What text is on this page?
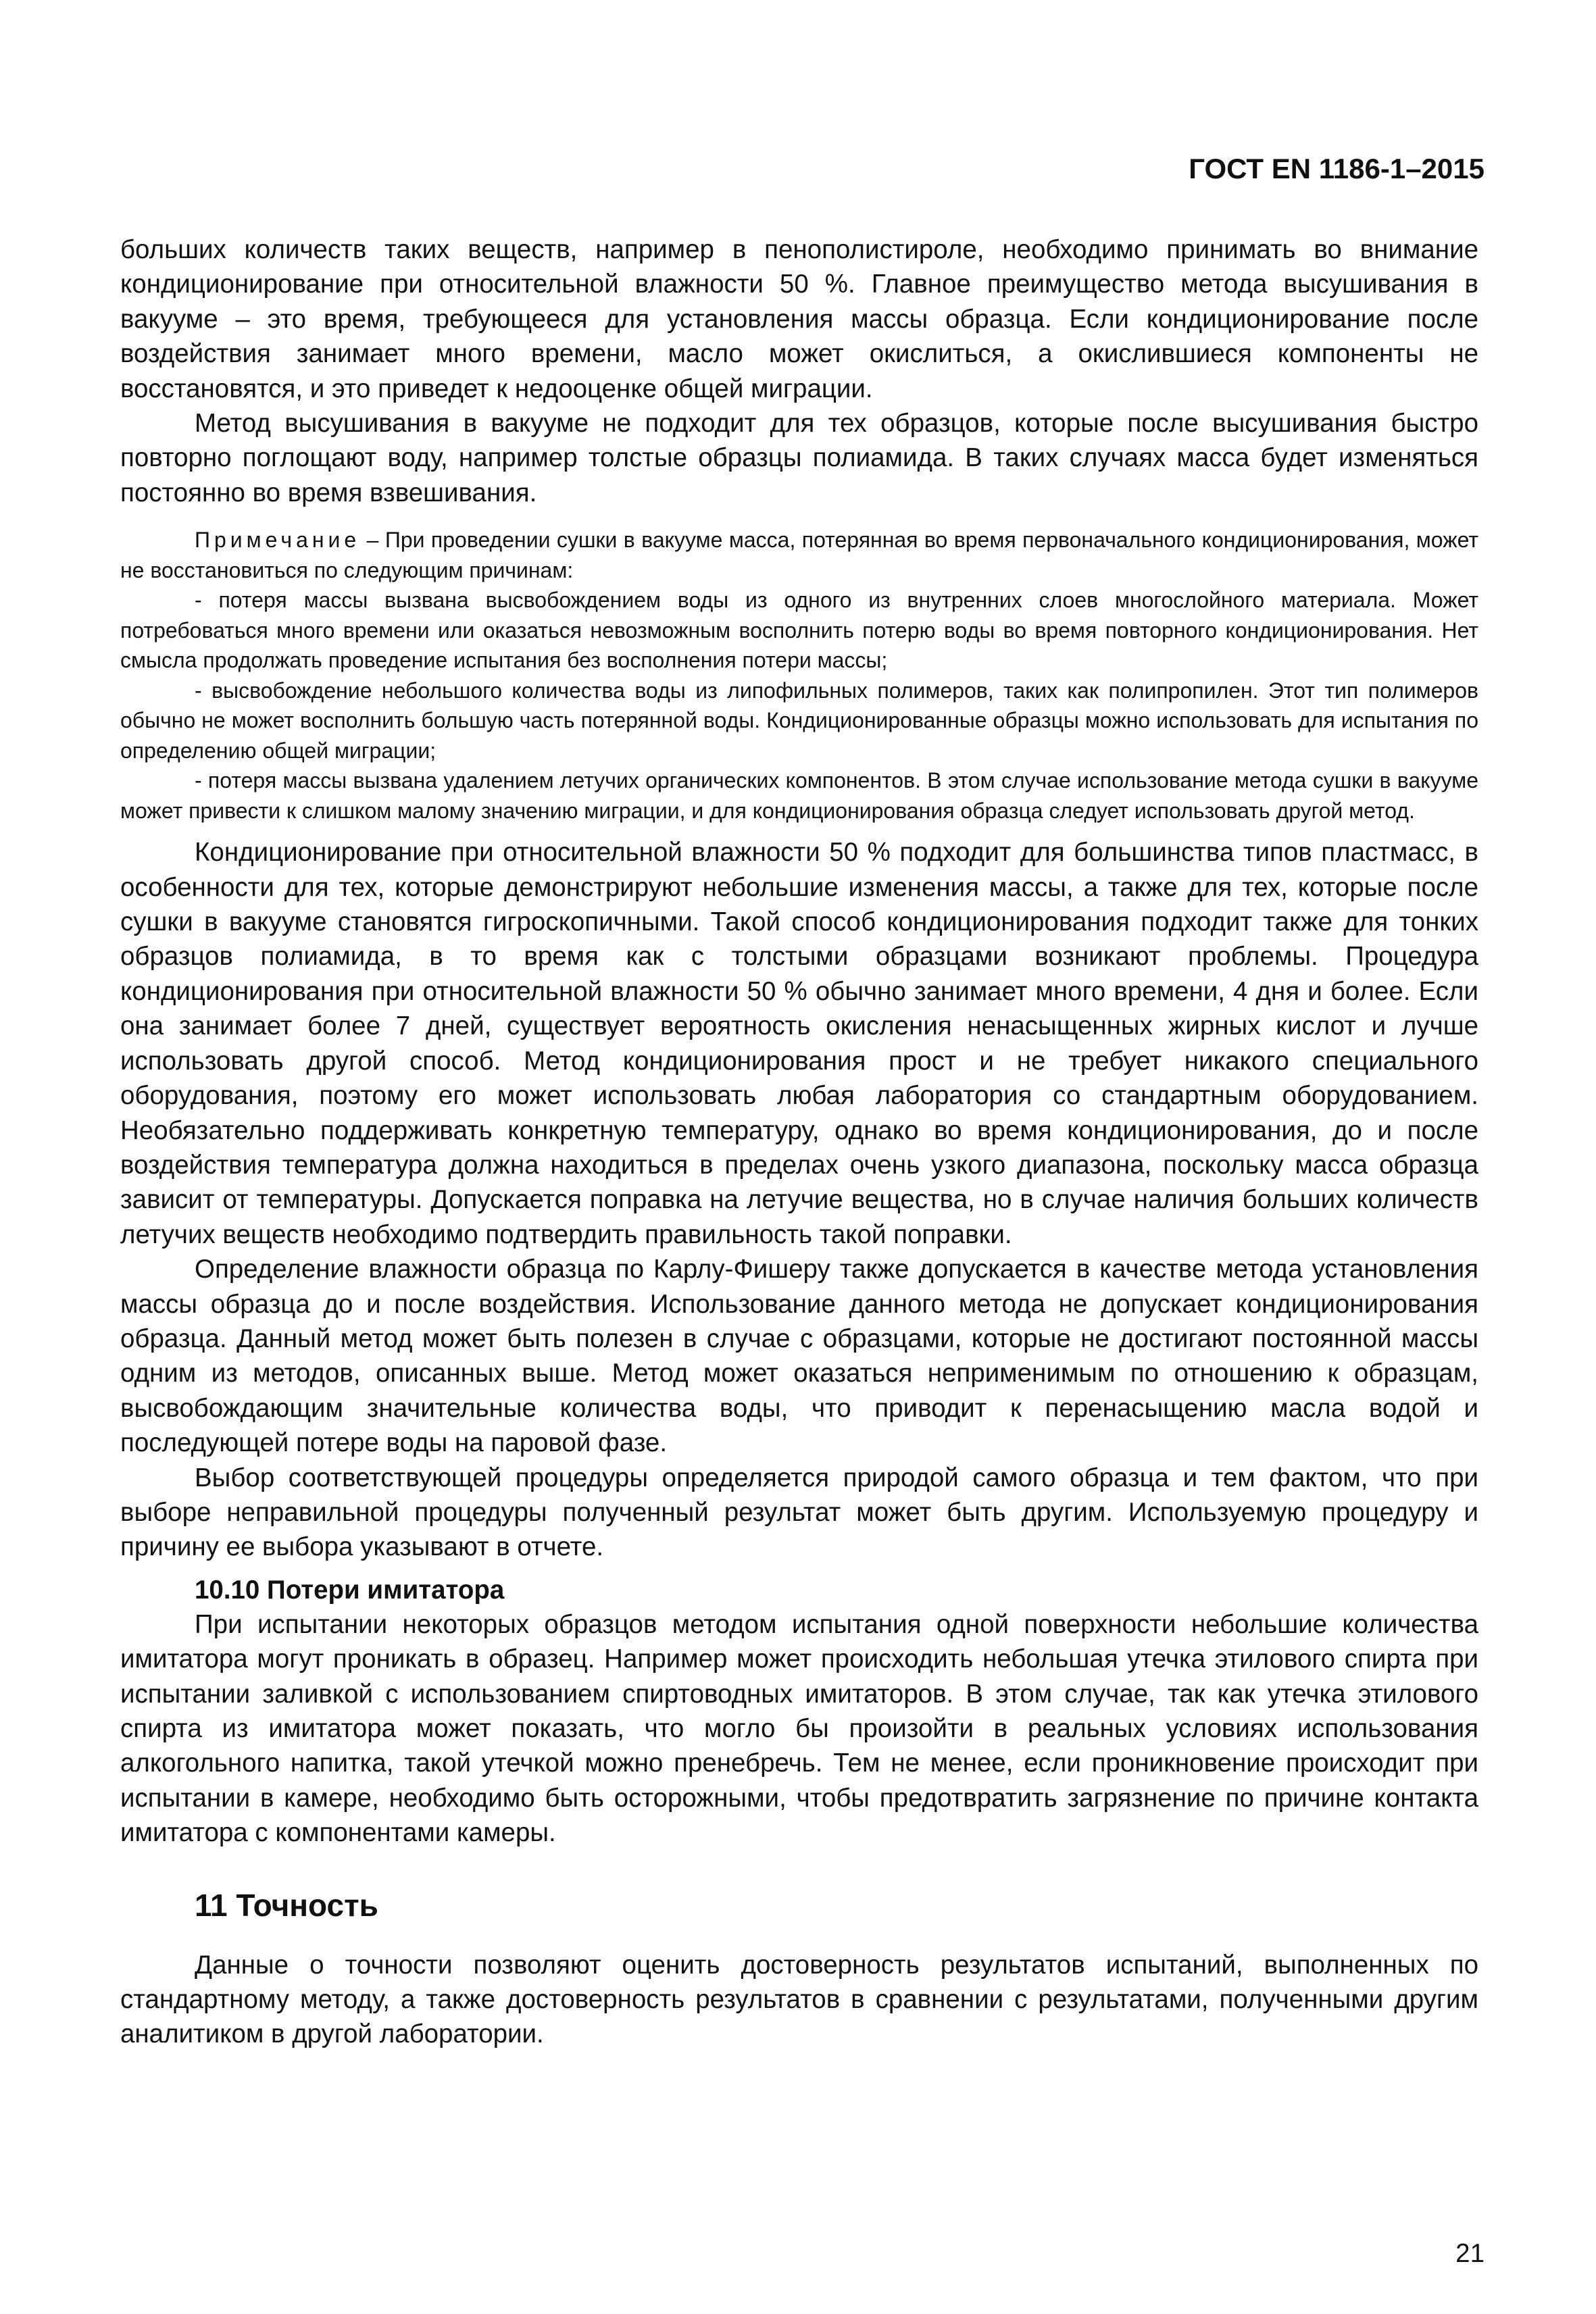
ГОСТ EN 1186-1–2015

больших количеств таких веществ, например в пенополистироле, необходимо принимать во внимание кондиционирование при относительной влажности 50 %. Главное преимущество метода высушивания в вакууме – это время, требующееся для установления массы образца. Если кондиционирование после воздействия занимает много времени, масло может окислиться, а окислившиеся компоненты не восстановятся, и это приведет к недооценке общей миграции.

Метод высушивания в вакууме не подходит для тех образцов, которые после высушивания быстро повторно поглощают воду, например толстые образцы полиамида. В таких случаях масса будет изменяться постоянно во время взвешивания.

Примечание – При проведении сушки в вакууме масса, потерянная во время первоначального кондиционирования, может не восстановиться по следующим причинам:

- потеря массы вызвана высвобождением воды из одного из внутренних слоев многослойного материала. Может потребоваться много времени или оказаться невозможным восполнить потерю воды во время повторного кондиционирования. Нет смысла продолжать проведение испытания без восполнения потери массы;

- высвобождение небольшого количества воды из липофильных полимеров, таких как полипропилен. Этот тип полимеров обычно не может восполнить большую часть потерянной воды. Кондиционированные образцы можно использовать для испытания по определению общей миграции;

- потеря массы вызвана удалением летучих органических компонентов. В этом случае использование метода сушки в вакууме может привести к слишком малому значению миграции, и для кондиционирования образца следует использовать другой метод.

Кондиционирование при относительной влажности 50 % подходит для большинства типов пластмасс, в особенности для тех, которые демонстрируют небольшие изменения массы, а также для тех, которые после сушки в вакууме становятся гигроскопичными. Такой способ кондиционирования подходит также для тонких образцов полиамида, в то время как с толстыми образцами возникают проблемы. Процедура кондиционирования при относительной влажности 50 % обычно занимает много времени, 4 дня и более. Если она занимает более 7 дней, существует вероятность окисления ненасыщенных жирных кислот и лучше использовать другой способ. Метод кондиционирования прост и не требует никакого специального оборудования, поэтому его может использовать любая лаборатория со стандартным оборудованием. Необязательно поддерживать конкретную температуру, однако во время кондиционирования, до и после воздействия температура должна находиться в пределах очень узкого диапазона, поскольку масса образца зависит от температуры. Допускается поправка на летучие вещества, но в случае наличия больших количеств летучих веществ необходимо подтвердить правильность такой поправки.

Определение влажности образца по Карлу-Фишеру также допускается в качестве метода установления массы образца до и после воздействия. Использование данного метода не допускает кондиционирования образца. Данный метод может быть полезен в случае с образцами, которые не достигают постоянной массы одним из методов, описанных выше. Метод может оказаться неприменимым по отношению к образцам, высвобождающим значительные количества воды, что приводит к перенасыщению масла водой и последующей потере воды на паровой фазе.

Выбор соответствующей процедуры определяется природой самого образца и тем фактом, что при выборе неправильной процедуры полученный результат может быть другим. Используемую процедуру и причину ее выбора указывают в отчете.

10.10 Потери имитатора

При испытании некоторых образцов методом испытания одной поверхности небольшие количества имитатора могут проникать в образец. Например может происходить небольшая утечка этилового спирта при испытании заливкой с использованием спиртоводных имитаторов. В этом случае, так как утечка этилового спирта из имитатора может показать, что могло бы произойти в реальных условиях использования алкогольного напитка, такой утечкой можно пренебречь. Тем не менее, если проникновение происходит при испытании в камере, необходимо быть осторожными, чтобы предотвратить загрязнение по причине контакта имитатора с компонентами камеры.

11 Точность

Данные о точности позволяют оценить достоверность результатов испытаний, выполненных по стандартному методу, а также достоверность результатов в сравнении с результатами, полученными другим аналитиком в другой лаборатории.

21
